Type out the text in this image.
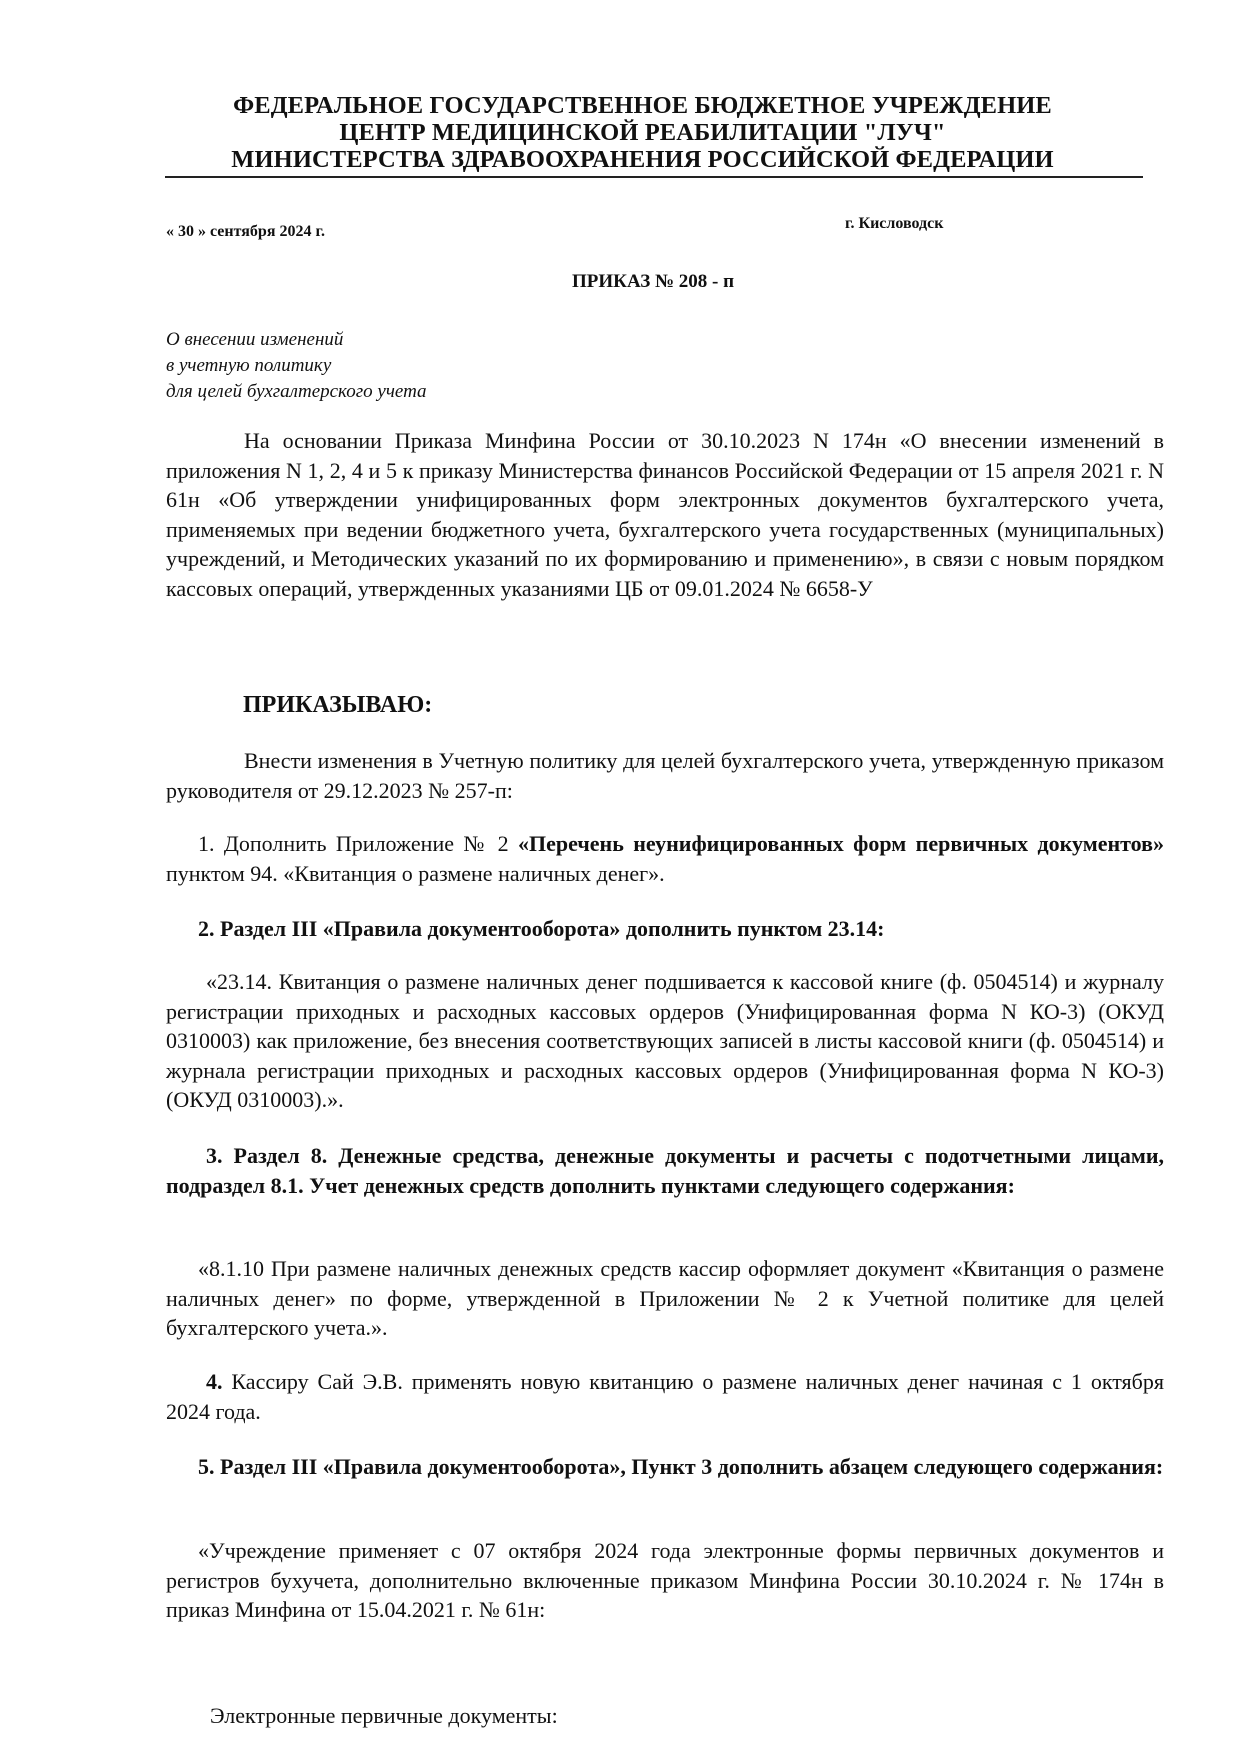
ФЕДЕРАЛЬНОЕ ГОСУДАРСТВЕННОЕ БЮДЖЕТНОЕ УЧРЕЖДЕНИЕ
ЦЕНТР МЕДИЦИНСКОЙ РЕАБИЛИТАЦИИ "ЛУЧ"
МИНИСТЕРСТВА ЗДРАВООХРАНЕНИЯ РОССИЙСКОЙ ФЕДЕРАЦИИ
« 30 » сентября 2024 г.	г. Кисловодск
ПРИКАЗ № 208 - п
О внесении изменений
в учетную политику
для целей бухгалтерского учета
На основании Приказа Минфина России от 30.10.2023 N 174н «О внесении изменений в приложения N 1, 2, 4 и 5 к приказу Министерства финансов Российской Федерации от 15 апреля 2021 г. N 61н «Об утверждении унифицированных форм электронных документов бухгалтерского учета, применяемых при ведении бюджетного учета, бухгалтерского учета государственных (муниципальных) учреждений, и Методических указаний по их формированию и применению», в связи с новым порядком кассовых операций, утвержденных указаниями ЦБ от 09.01.2024 № 6658-У
ПРИКАЗЫВАЮ:
Внести изменения в Учетную политику для целей бухгалтерского учета, утвержденную приказом руководителя от 29.12.2023 № 257-п:
1. Дополнить Приложение № 2 «Перечень неунифицированных форм первичных документов» пунктом 94. «Квитанция о размене наличных денег».
2. Раздел III «Правила документооборота» дополнить пунктом 23.14:
«23.14. Квитанция о размене наличных денег подшивается к кассовой книге (ф. 0504514) и журналу регистрации приходных и расходных кассовых ордеров (Унифицированная форма N КО-3) (ОКУД 0310003) как приложение, без внесения соответствующих записей в листы кассовой книги (ф. 0504514) и журнала регистрации приходных и расходных кассовых ордеров (Унифицированная форма N КО-3) (ОКУД 0310003).».
3. Раздел 8. Денежные средства, денежные документы и расчеты с подотчетными лицами, подраздел 8.1. Учет денежных средств дополнить пунктами следующего содержания:
«8.1.10 При размене наличных денежных средств кассир оформляет документ «Квитанция о размене наличных денег» по форме, утвержденной в Приложении № 2 к Учетной политике для целей бухгалтерского учета.».
4. Кассиру Сай Э.В. применять новую квитанцию о размене наличных денег начиная с 1 октября 2024 года.
5. Раздел III «Правила документооборота», Пункт 3 дополнить абзацем следующего содержания:
«Учреждение применяет с 07 октября 2024 года электронные формы первичных документов и регистров бухучета, дополнительно включенные приказом Минфина России 30.10.2024 г. № 174н в приказ Минфина от 15.04.2021 г. № 61н:
Электронные первичные документы:
